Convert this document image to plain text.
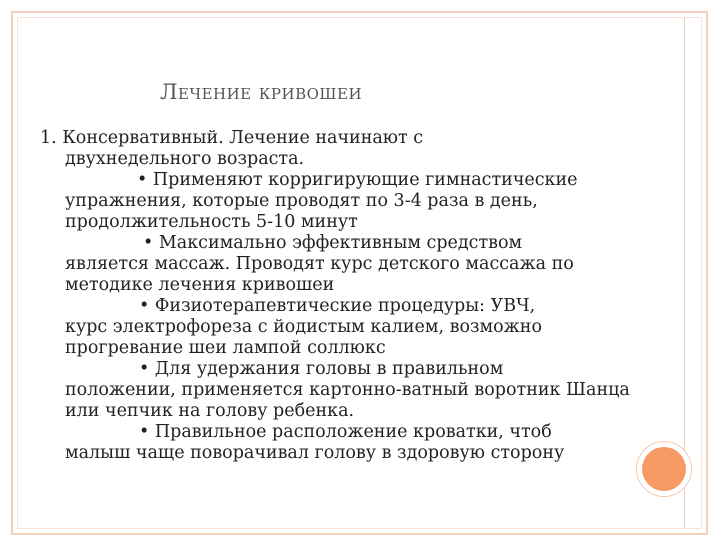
Лечение кривошеи

1. Консервативный. Лечение начинают с
двухнедельного возраста.

• Применяют корригирующие гимнастические
упражнения, которые проводят по 3-4 раза в день, продолжительность 5-10 минут
• Максимально эффективным средством
является массаж. Проводят курс детского массажа по методике лечения кривошеи
• Физиотерапевтические процедуры: УВЧ,
курс электрофореза с йодистым калием, возможно прогревание шеи лампой соллюкс
• Для удержания головы в правильном
положении, применяется картонно-ватный воротник Шанца или чепчик на голову ребенка.
• Правильное расположение кроватки, чтоб
малыш чаще поворачивал голову в здоровую сторону
